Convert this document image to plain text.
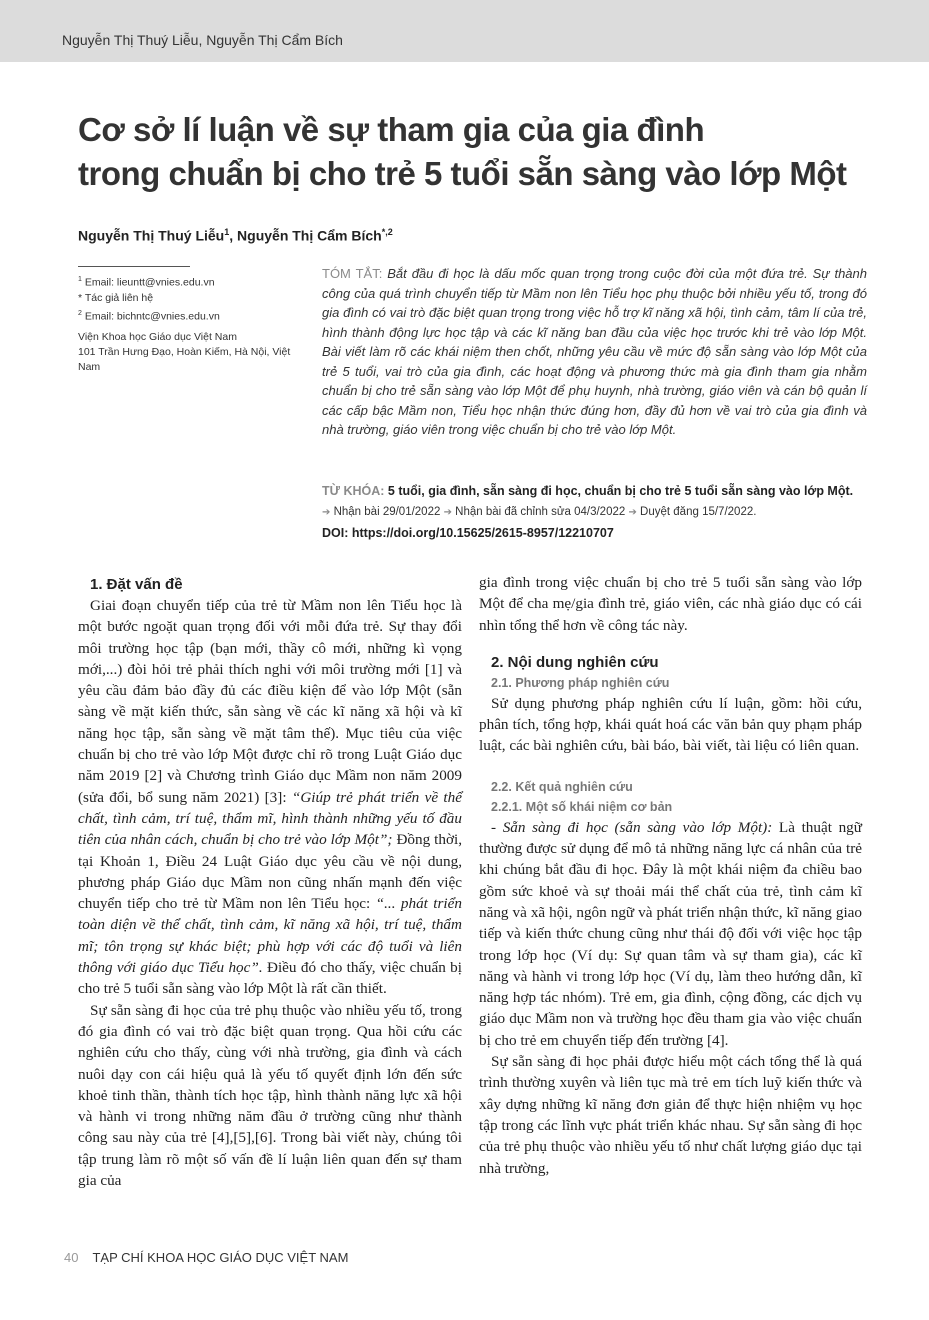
Nguyễn Thị Thuý Liễu, Nguyễn Thị Cẩm Bích
Cơ sở lí luận về sự tham gia của gia đình
trong chuẩn bị cho trẻ 5 tuổi sẵn sàng vào lớp Một
Nguyễn Thị Thuý Liễu$^1$, Nguyễn Thị Cẩm Bích$^{*,2}$
$^1$ Email: lieuntt@vnies.edu.vn
* Tác giả liên hệ
$^2$ Email: bichntc@vnies.edu.vn
Viện Khoa học Giáo dục Việt Nam
101 Trần Hưng Đạo, Hoàn Kiếm, Hà Nội, Việt Nam
TÓM TẮT: Bắt đầu đi học là dấu mốc quan trọng trong cuộc đời của một đứa trẻ. Sự thành công của quá trình chuyển tiếp từ Mầm non lên Tiểu học phụ thuộc bởi nhiều yếu tố, trong đó gia đình có vai trò đặc biệt quan trọng trong việc hỗ trợ kĩ năng xã hội, tình cảm, tâm lí của trẻ, hình thành động lực học tập và các kĩ năng ban đầu của việc học trước khi trẻ vào lớp Một. Bài viết làm rõ các khái niệm then chốt, những yêu cầu về mức độ sẵn sàng vào lớp Một của trẻ 5 tuổi, vai trò của gia đình, các hoạt động và phương thức mà gia đình tham gia nhằm chuẩn bị cho trẻ sẵn sàng vào lớp Một để phụ huynh, nhà trường, giáo viên và cán bộ quản lí các cấp bậc Mầm non, Tiểu học nhận thức đúng hơn, đầy đủ hơn về vai trò của gia đình và nhà trường, giáo viên trong việc chuẩn bị cho trẻ vào lớp Một.
TỪ KHÓA: 5 tuổi, gia đình, sẵn sàng đi học, chuẩn bị cho trẻ 5 tuổi sẵn sàng vào lớp Một.
➔ Nhận bài 29/01/2022 ➔ Nhận bài đã chỉnh sửa 04/3/2022 ➔ Duyệt đăng 15/7/2022.
DOI: https://doi.org/10.15625/2615-8957/12210707
1. Đặt vấn đề

Giai đoạn chuyển tiếp của trẻ từ Mầm non lên Tiểu học là một bước ngoặt quan trọng đối với mỗi đứa trẻ. Sự thay đổi môi trường học tập (bạn mới, thầy cô mới, những kì vọng mới,...) đòi hỏi trẻ phải thích nghi với môi trường mới [1] và yêu cầu đảm bảo đầy đủ các điều kiện để vào lớp Một (sẵn sàng về mặt kiến thức, sẵn sàng về các kĩ năng xã hội và kĩ năng học tập, sẵn sàng về mặt tâm thế). Mục tiêu của việc chuẩn bị cho trẻ vào lớp Một được chỉ rõ trong Luật Giáo dục năm 2019 [2] và Chương trình Giáo dục Mầm non năm 2009 (sửa đổi, bổ sung năm 2021) [3]: “Giúp trẻ phát triển về thể chất, tình cảm, trí tuệ, thẩm mĩ, hình thành những yếu tố đầu tiên của nhân cách, chuẩn bị cho trẻ vào lớp Một”; Đồng thời, tại Khoản 1, Điều 24 Luật Giáo dục yêu cầu về nội dung, phương pháp Giáo dục Mầm non cũng nhấn mạnh đến việc chuyển tiếp cho trẻ từ Mầm non lên Tiểu học: “... phát triển toàn diện về thể chất, tình cảm, kĩ năng xã hội, trí tuệ, thẩm mĩ; tôn trọng sự khác biệt; phù hợp với các độ tuổi và liên thông với giáo dục Tiểu học”. Điều đó cho thấy, việc chuẩn bị cho trẻ 5 tuổi sẵn sàng vào lớp Một là rất cần thiết.

Sự sẵn sàng đi học của trẻ phụ thuộc vào nhiều yếu tố, trong đó gia đình có vai trò đặc biệt quan trọng. Qua hồi cứu các nghiên cứu cho thấy, cùng với nhà trường, gia đình và cách nuôi dạy con cái hiệu quả là yếu tố quyết định lớn đến sức khoẻ tinh thần, thành tích học tập, hình thành năng lực xã hội và hành vi trong những năm đầu ở trường cũng như thành công sau này của trẻ [4],[5],[6]. Trong bài viết này, chúng tôi tập trung làm rõ một số vấn đề lí luận liên quan đến sự tham gia của

gia đình trong việc chuẩn bị cho trẻ 5 tuổi sẵn sàng vào lớp Một để cha mẹ/gia đình trẻ, giáo viên, các nhà giáo dục có cái nhìn tổng thể hơn về công tác này.

2. Nội dung nghiên cứu
2.1. Phương pháp nghiên cứu

Sử dụng phương pháp nghiên cứu lí luận, gồm: hồi cứu, phân tích, tổng hợp, khái quát hoá các văn bản quy phạm pháp luật, các bài nghiên cứu, bài báo, bài viết, tài liệu có liên quan.

2.2. Kết quả nghiên cứu
2.2.1. Một số khái niệm cơ bản

- Sẵn sàng đi học (sẵn sàng vào lớp Một): Là thuật ngữ thường được sử dụng để mô tả những năng lực cá nhân của trẻ khi chúng bắt đầu đi học. Đây là một khái niệm đa chiều bao gồm sức khoẻ và sự thoải mái thể chất của trẻ, tình cảm kĩ năng và xã hội, ngôn ngữ và phát triển nhận thức, kĩ năng giao tiếp và kiến thức chung cũng như thái độ đối với việc học tập trong lớp học (Ví dụ: Sự quan tâm và sự tham gia), các kĩ năng và hành vi trong lớp học (Ví dụ, làm theo hướng dẫn, kĩ năng hợp tác nhóm). Trẻ em, gia đình, cộng đồng, các dịch vụ giáo dục Mầm non và trường học đều tham gia vào việc chuẩn bị cho trẻ em chuyển tiếp đến trường [4].

Sự sẵn sàng đi học phải được hiểu một cách tổng thể là quá trình thường xuyên và liên tục mà trẻ em tích luỹ kiến thức và xây dựng những kĩ năng đơn giản để thực hiện nhiệm vụ học tập trong các lĩnh vực phát triển khác nhau. Sự sẵn sàng đi học của trẻ phụ thuộc vào nhiều yếu tố như chất lượng giáo dục tại nhà trường,

40 TẠP CHÍ KHOA HỌC GIÁO DỤC VIỆT NAM
